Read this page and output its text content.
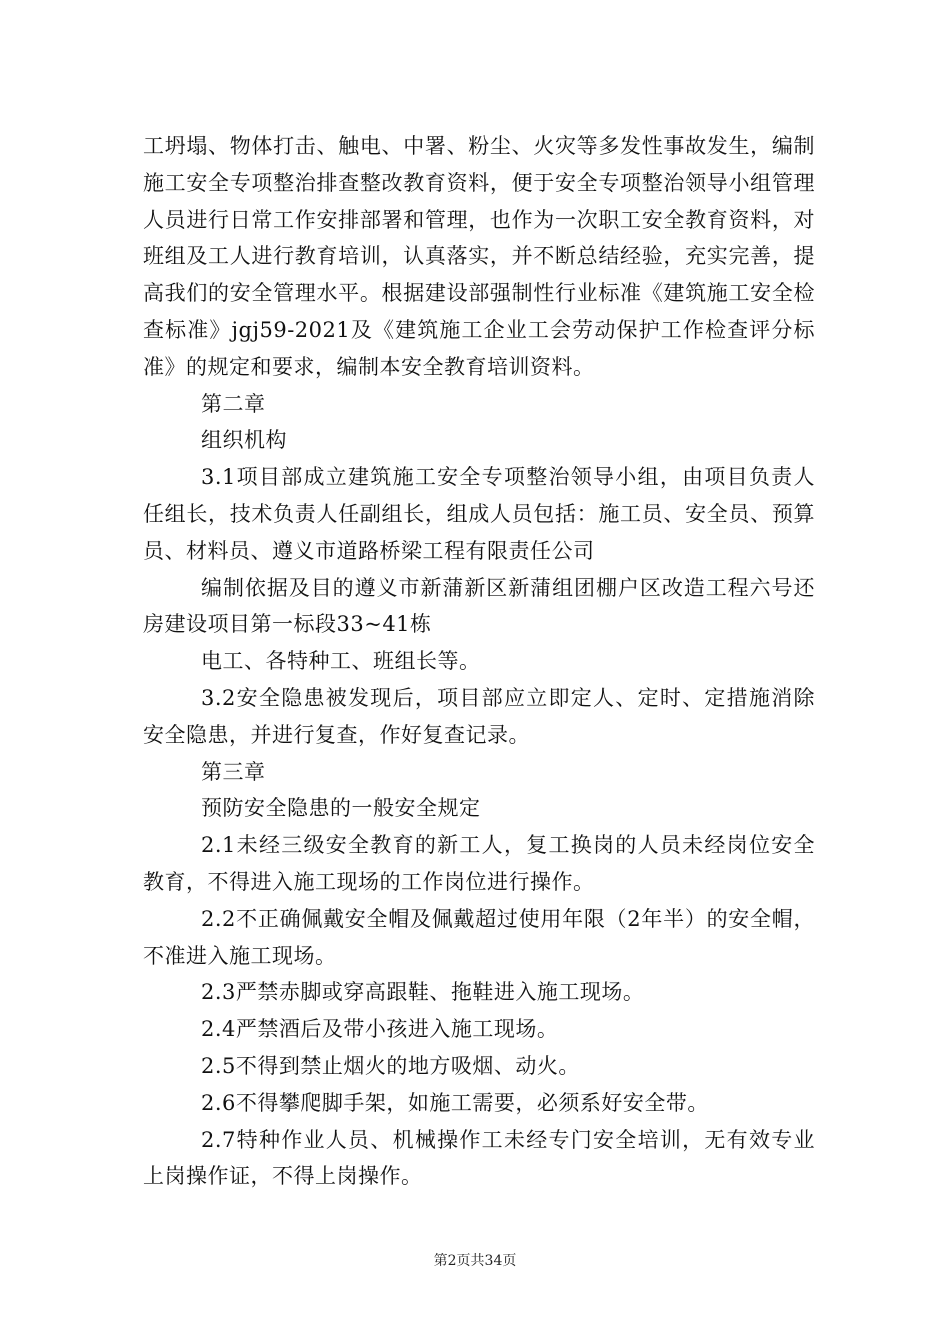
工坍塌、物体打击、触电、中署、粉尘、火灾等多发性事故发生，编制施工安全专项整治排查整改教育资料，便于安全专项整治领导小组管理人员进行日常工作安排部署和管理，也作为一次职工安全教育资料，对班组及工人进行教育培训，认真落实，并不断总结经验，充实完善，提高我们的安全管理水平。根据建设部强制性行业标准《建筑施工安全检查标准》jgj59-2021及《建筑施工企业工会劳动保护工作检查评分标准》的规定和要求，编制本安全教育培训资料。

第二章

组织机构

3.1项目部成立建筑施工安全专项整治领导小组，由项目负责人任组长，技术负责人任副组长，组成人员包括：施工员、安全员、预算员、材料员、遵义市道路桥梁工程有限责任公司

编制依据及目的遵义市新蒲新区新蒲组团棚户区改造工程六号还房建设项目第一标段33~41栋

电工、各特种工、班组长等。

3.2安全隐患被发现后，项目部应立即定人、定时、定措施消除安全隐患，并进行复查，作好复查记录。

第三章

预防安全隐患的一般安全规定

2.1未经三级安全教育的新工人，复工换岗的人员未经岗位安全教育，不得进入施工现场的工作岗位进行操作。

2.2不正确佩戴安全帽及佩戴超过使用年限（2年半）的安全帽，不准进入施工现场。

2.3严禁赤脚或穿高跟鞋、拖鞋进入施工现场。

2.4严禁酒后及带小孩进入施工现场。

2.5不得到禁止烟火的地方吸烟、动火。

2.6不得攀爬脚手架，如施工需要，必须系好安全带。

2.7特种作业人员、机械操作工未经专门安全培训，无有效专业上岗操作证，不得上岗操作。

第2页共34页
